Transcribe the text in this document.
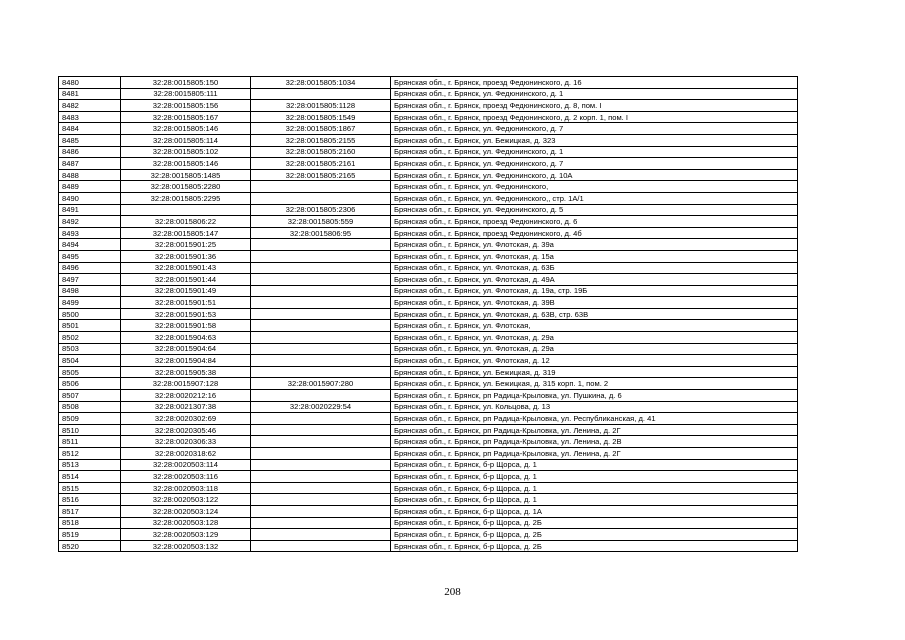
8480	32:28:0015805:150	32:28:0015805:1034	Брянская обл., г. Брянск, проезд Федюнинского, д. 16
8481	32:28:0015805:111		Брянская обл., г. Брянск, ул. Федюнинского, д. 1
8482	32:28:0015805:156	32:28:0015805:1128	Брянская обл., г. Брянск, проезд Федюнинского, д. 8, пом. I
8483	32:28:0015805:167	32:28:0015805:1549	Брянская обл., г. Брянск, проезд Федюнинского, д. 2 корп. 1, пом. I
8484	32:28:0015805:146	32:28:0015805:1867	Брянская обл., г. Брянск, ул. Федюнинского, д. 7
8485	32:28:0015805:114	32:28:0015805:2155	Брянская обл., г. Брянск, ул. Бежицкая, д. 323
8486	32:28:0015805:102	32:28:0015805:2160	Брянская обл., г. Брянск, ул. Федюнинского, д. 1
8487	32:28:0015805:146	32:28:0015805:2161	Брянская обл., г. Брянск, ул. Федюнинского, д. 7
8488	32:28:0015805:1485	32:28:0015805:2165	Брянская обл., г. Брянск, ул. Федюнинского, д. 10А
8489	32:28:0015805:2280		Брянская обл., г. Брянск, ул. Федюнинского,
8490	32:28:0015805:2295		Брянская обл., г. Брянск, ул. Федюнинского,, стр. 1А/1
8491		32:28:0015805:2306	Брянская обл., г. Брянск, ул. Федюнинского, д. 5
8492	32:28:0015806:22	32:28:0015805:559	Брянская обл., г. Брянск, проезд Федюнинского, д. 6
8493	32:28:0015805:147	32:28:0015806:95	Брянская обл., г. Брянск, проезд Федюнинского, д. 4б
8494	32:28:0015901:25		Брянская обл., г. Брянск, ул. Флотская, д. 39а
8495	32:28:0015901:36		Брянская обл., г. Брянск, ул. Флотская, д. 15а
8496	32:28:0015901:43		Брянская обл., г. Брянск, ул. Флотская, д. 63Б
8497	32:28:0015901:44		Брянская обл., г. Брянск, ул. Флотская, д. 49А
8498	32:28:0015901:49		Брянская обл., г. Брянск, ул. Флотская, д. 19а, стр. 19Б
8499	32:28:0015901:51		Брянская обл., г. Брянск, ул. Флотская, д. 39В
8500	32:28:0015901:53		Брянская обл., г. Брянск, ул. Флотская, д. 63В, стр. 63В
8501	32:28:0015901:58		Брянская обл., г. Брянск, ул. Флотская,
8502	32:28:0015904:63		Брянская обл., г. Брянск, ул. Флотская, д. 29а
8503	32:28:0015904:64		Брянская обл., г. Брянск, ул. Флотская, д. 29а
8504	32:28:0015904:84		Брянская обл., г. Брянск, ул. Флотская, д. 12
8505	32:28:0015905:38		Брянская обл., г. Брянск, ул. Бежицкая, д. 319
8506	32:28:0015907:128	32:28:0015907:280	Брянская обл., г. Брянск, ул. Бежицкая, д. 315 корп. 1, пом. 2
8507	32:28:0020212:16		Брянская обл., г. Брянск, рп Радица-Крыловка, ул. Пушкина, д. 6
8508	32:28:0021307:38	32:28:0020229:54	Брянская обл., г. Брянск, ул. Кольцова, д. 13
8509	32:28:0020302:69		Брянская обл., г. Брянск, рп Радица-Крыловка, ул. Республиканская, д. 41
8510	32:28:0020305:46		Брянская обл., г. Брянск, рп Радица-Крыловка, ул. Ленина, д. 2Г
8511	32:28:0020306:33		Брянская обл., г. Брянск, рп Радица-Крыловка, ул. Ленина, д. 2В
8512	32:28:0020318:62		Брянская обл., г. Брянск, рп Радица-Крыловка, ул. Ленина, д. 2Г
8513	32:28:0020503:114		Брянская обл., г. Брянск, б-р Щорса, д. 1
8514	32:28:0020503:116		Брянская обл., г. Брянск, б-р Щорса, д. 1
8515	32:28:0020503:118		Брянская обл., г. Брянск, б-р Щорса, д. 1
8516	32:28:0020503:122		Брянская обл., г. Брянск, б-р Щорса, д. 1
8517	32:28:0020503:124		Брянская обл., г. Брянск, б-р Щорса, д. 1А
8518	32:28:0020503:128		Брянская обл., г. Брянск, б-р Щорса, д. 2Б
8519	32:28:0020503:129		Брянская обл., г. Брянск, б-р Щорса, д. 2Б
8520	32:28:0020503:132		Брянская обл., г. Брянск, б-р Щорса, д. 2Б
208
